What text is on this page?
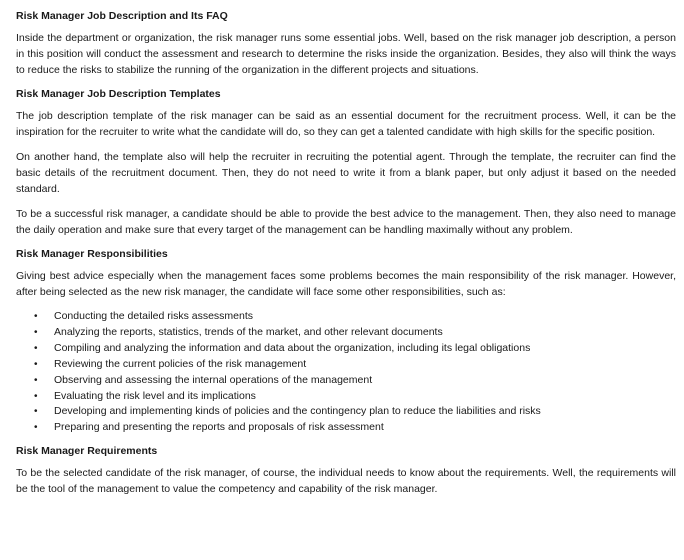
Risk Manager Job Description and Its FAQ

Inside the department or organization, the risk manager runs some essential jobs. Well, based on the risk manager job description, a person in this position will conduct the assessment and research to determine the risks inside the organization. Besides, they also will think the ways to reduce the risks to stabilize the running of the organization in the different projects and situations.

Risk Manager Job Description Templates

The job description template of the risk manager can be said as an essential document for the recruitment process. Well, it can be the inspiration for the recruiter to write what the candidate will do, so they can get a talented candidate with high skills for the specific position.

On another hand, the template also will help the recruiter in recruiting the potential agent. Through the template, the recruiter can find the basic details of the recruitment document. Then, they do not need to write it from a blank paper, but only adjust it based on the needed standard.

To be a successful risk manager, a candidate should be able to provide the best advice to the management. Then, they also need to manage the daily operation and make sure that every target of the management can be handling maximally without any problem.

Risk Manager Responsibilities

Giving best advice especially when the management faces some problems becomes the main responsibility of the risk manager. However, after being selected as the new risk manager, the candidate will face some other responsibilities, such as:

• Conducting the detailed risks assessments
• Analyzing the reports, statistics, trends of the market, and other relevant documents
• Compiling and analyzing the information and data about the organization, including its legal obligations
• Reviewing the current policies of the risk management
• Observing and assessing the internal operations of the management
• Evaluating the risk level and its implications
• Developing and implementing kinds of policies and the contingency plan to reduce the liabilities and risks
• Preparing and presenting the reports and proposals of risk assessment
Risk Manager Requirements

To be the selected candidate of the risk manager, of course, the individual needs to know about the requirements. Well, the requirements will be the tool of the management to value the competency and capability of the risk manager.
